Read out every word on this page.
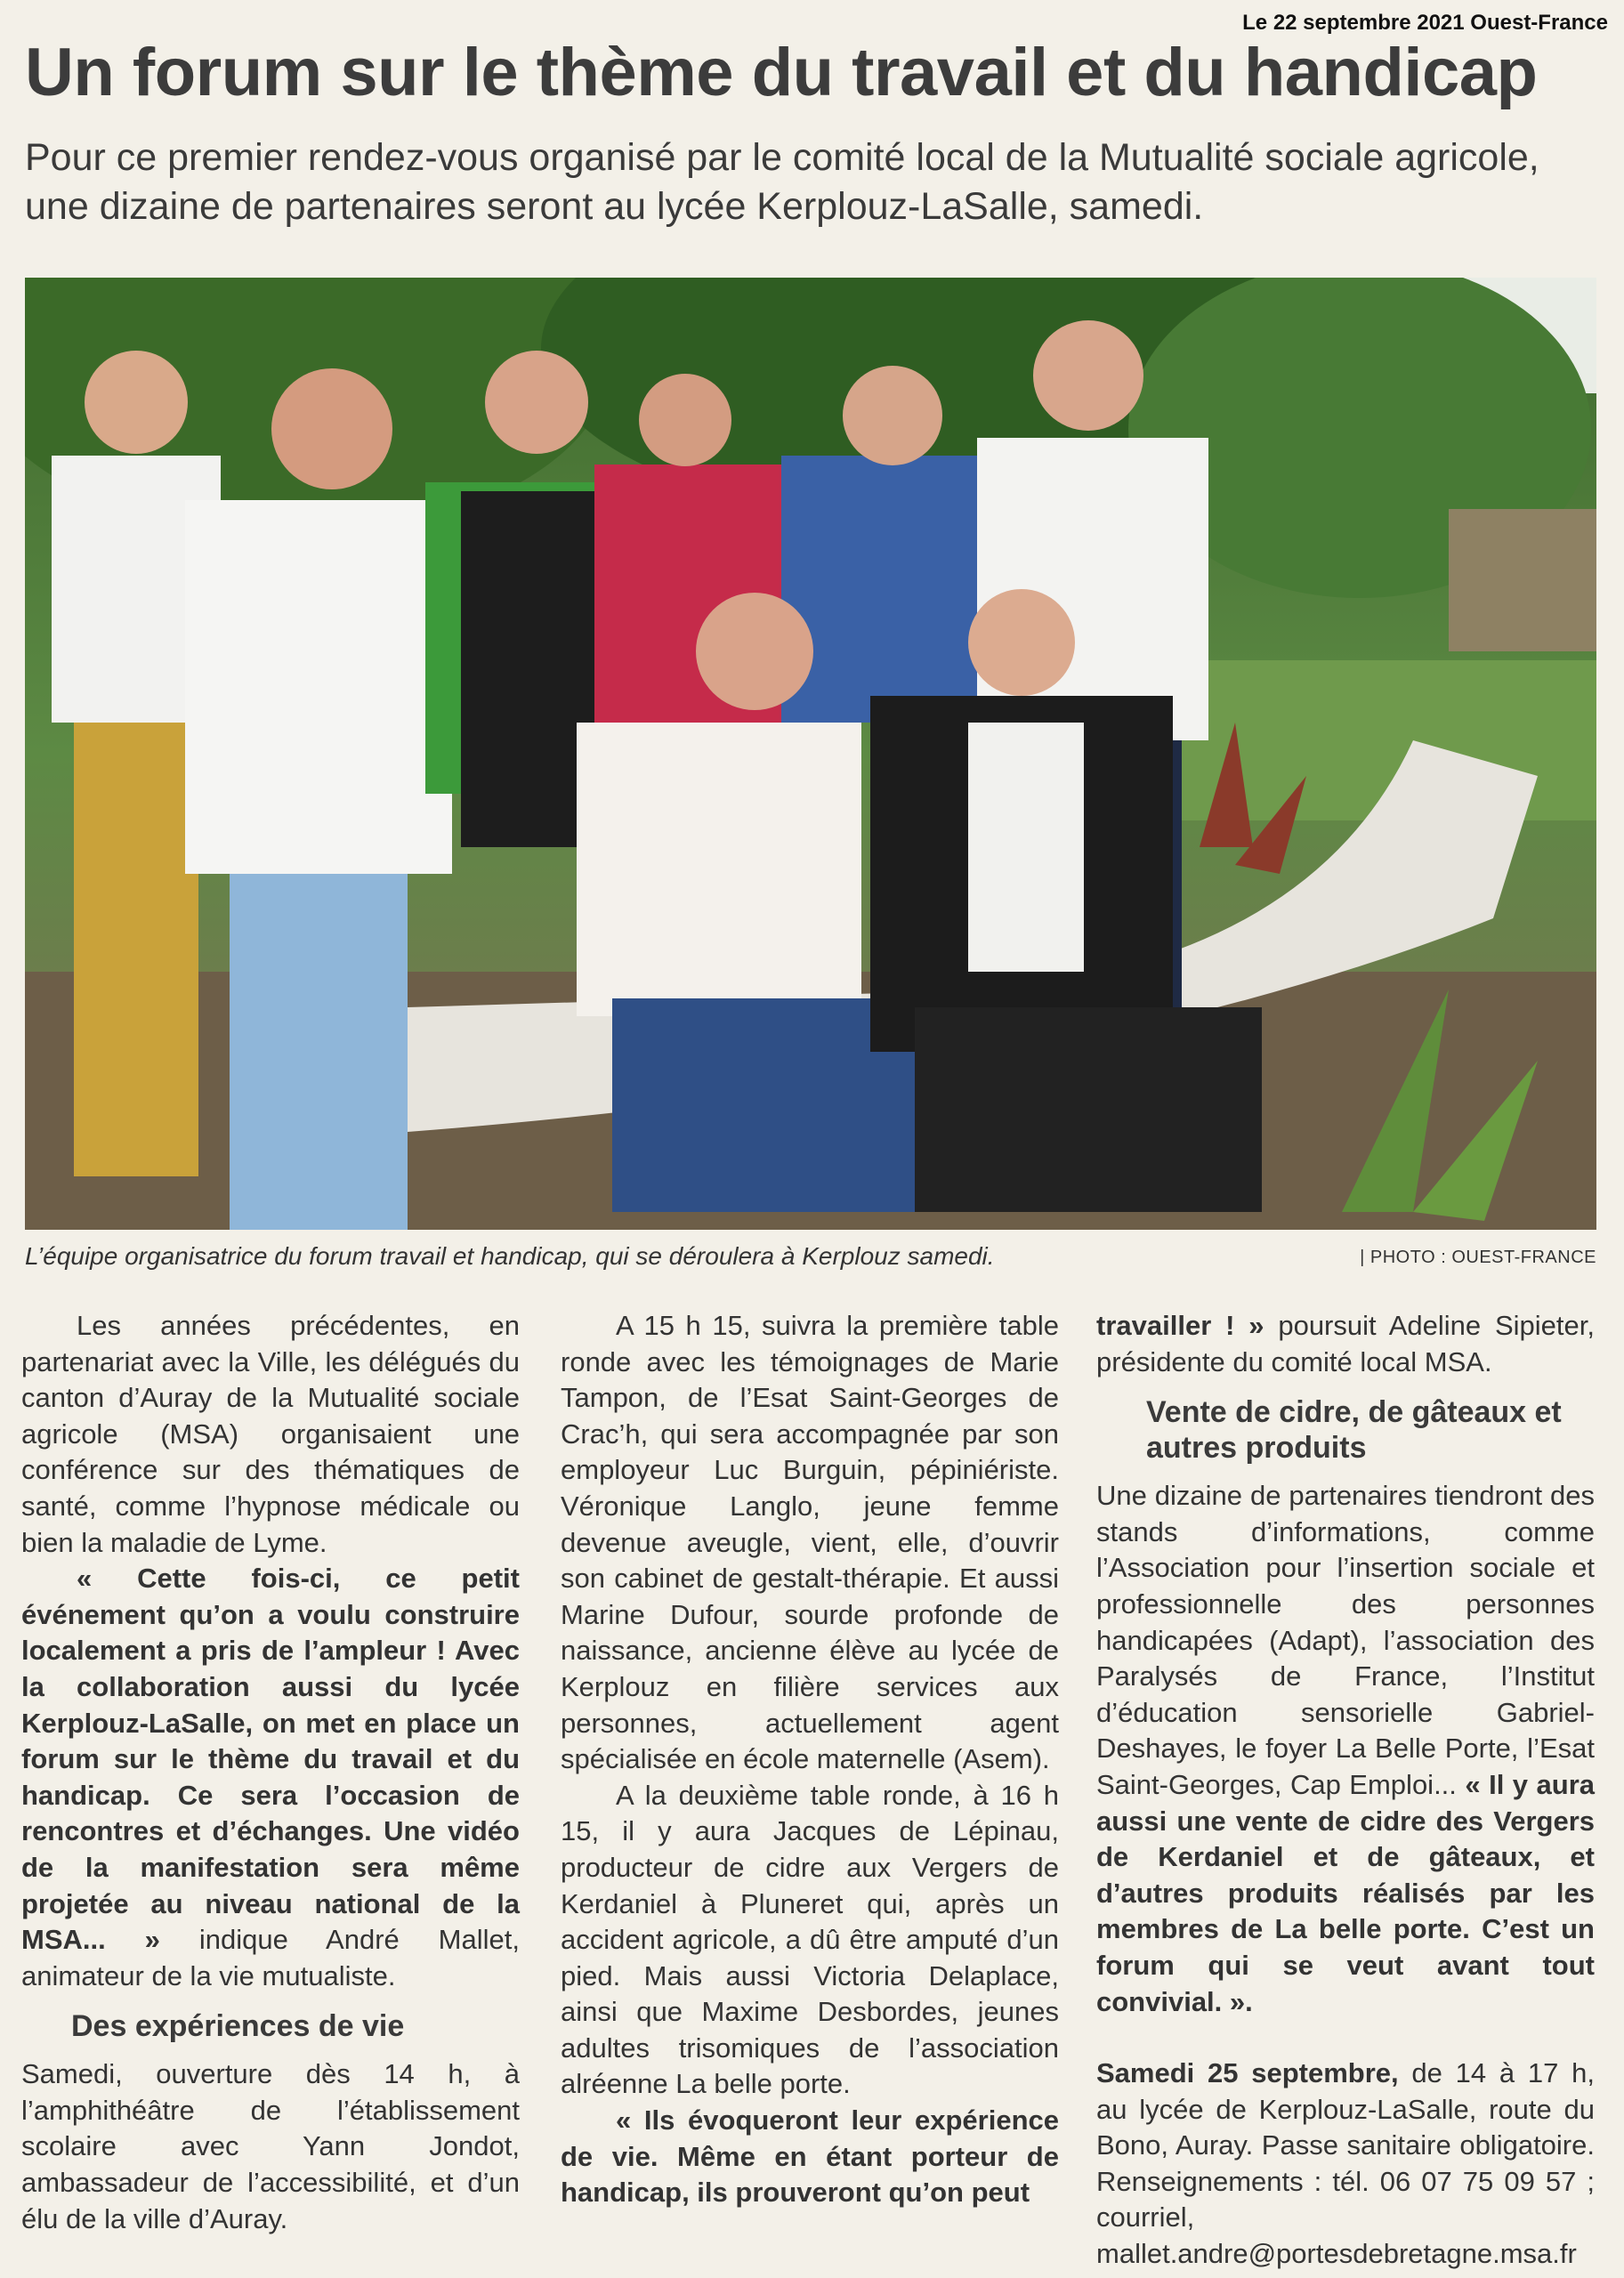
Le 22 septembre 2021 Ouest-France
Un forum sur le thème du travail et du handicap

Pour ce premier rendez-vous organisé par le comité local de la Mutualité sociale agricole, une dizaine de partenaires seront au lycée Kerplouz-LaSalle, samedi.

L’équipe organisatrice du forum travail et handicap, qui se déroulera à Kerplouz samedi.	| PHOTO : OUEST-FRANCE

Les années précédentes, en partenariat avec la Ville, les délégués du canton d’Auray de la Mutualité sociale agricole (MSA) organisaient une conférence sur des thématiques de santé, comme l’hypnose médicale ou bien la maladie de Lyme.

« Cette fois-ci, ce petit événement qu’on a voulu construire localement a pris de l’ampleur ! Avec la collaboration aussi du lycée Kerplouz-LaSalle, on met en place un forum sur le thème du travail et du handicap. Ce sera l’occasion de rencontres et d’échanges. Une vidéo de la manifestation sera même projetée au niveau national de la MSA... » indique André Mallet, animateur de la vie mutualiste.

Des expériences de vie

Samedi, ouverture dès 14 h, à l’amphithéâtre de l’établissement scolaire avec Yann Jondot, ambassadeur de l’accessibilité, et d’un élu de la ville d’Auray.

A 15 h 15, suivra la première table ronde avec les témoignages de Marie Tampon, de l’Esat Saint-Georges de Crac’h, qui sera accompagnée par son employeur Luc Burguin, pépiniériste. Véronique Langlo, jeune femme devenue aveugle, vient, elle, d’ouvrir son cabinet de gestalt-thérapie. Et aussi Marine Dufour, sourde profonde de naissance, ancienne élève au lycée de Kerplouz en filière services aux personnes, actuellement agent spécialisée en école maternelle (Asem).

A la deuxième table ronde, à 16 h 15, il y aura Jacques de Lépinau, producteur de cidre aux Vergers de Kerdaniel à Pluneret qui, après un accident agricole, a dû être amputé d’un pied. Mais aussi Victoria Delaplace, ainsi que Maxime Desbordes, jeunes adultes trisomiques de l’association alréenne La belle porte.

« Ils évoqueront leur expérience de vie. Même en étant porteur de handicap, ils prouveront qu’on peut

travailler ! » poursuit Adeline Sipieter, présidente du comité local MSA.

Vente de cidre, de gâteaux et autres produits

Une dizaine de partenaires tiendront des stands d’informations, comme l’Association pour l’insertion sociale et professionnelle des personnes handicapées (Adapt), l’association des Paralysés de France, l’Institut d’éducation sensorielle Gabriel-Deshayes, le foyer La Belle Porte, l’Esat Saint-Georges, Cap Emploi... « Il y aura aussi une vente de cidre des Vergers de Kerdaniel et de gâteaux, et d’autres produits réalisés par les membres de La belle porte. C’est un forum qui se veut avant tout convivial. ».

Samedi 25 septembre, de 14 à 17 h, au lycée de Kerplouz-LaSalle, route du Bono, Auray. Passe sanitaire obligatoire. Renseignements : tél. 06 07 75 09 57 ; courriel, mallet.andre@portesdebretagne.msa.fr
